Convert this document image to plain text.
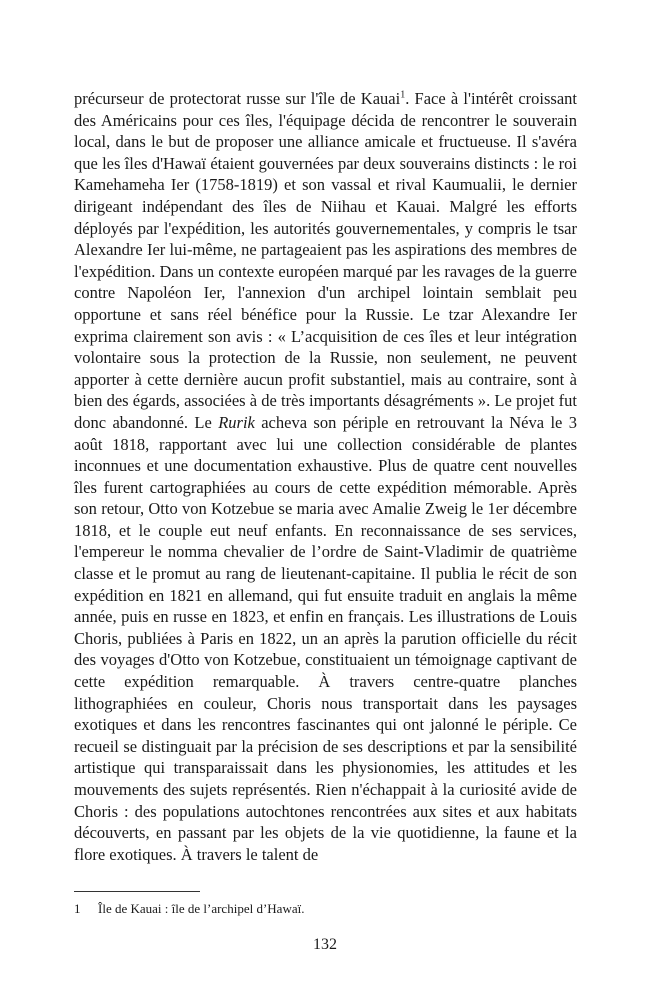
précurseur de protectorat russe sur l'île de Kauai$^1$. Face à l'intérêt croissant des Américains pour ces îles, l'équipage décida de rencontrer le souverain local, dans le but de proposer une alliance amicale et fructueuse. Il s'avéra que les îles d'Hawaï étaient gouvernées par deux souverains distincts : le roi Kamehameha Ier (1758-1819) et son vassal et rival Kaumualii, le dernier dirigeant indépendant des îles de Niihau et Kauai. Malgré les efforts déployés par l'expédition, les autorités gouvernementales, y compris le tsar Alexandre Ier lui-même, ne partageaient pas les aspirations des membres de l'expédition. Dans un contexte européen marqué par les ravages de la guerre contre Napoléon Ier, l'annexion d'un archipel lointain semblait peu opportune et sans réel bénéfice pour la Russie. Le tzar Alexandre Ier exprima clairement son avis : « L’acquisition de ces îles et leur intégration volontaire sous la protection de la Russie, non seulement, ne peuvent apporter à cette dernière aucun profit substantiel, mais au contraire, sont à bien des égards, associées à de très importants désagréments ». Le projet fut donc abandonné. Le Rurik acheva son périple en retrouvant la Néva le 3 août 1818, rapportant avec lui une collection considérable de plantes inconnues et une documentation exhaustive. Plus de quatre cent nouvelles îles furent cartographiées au cours de cette expédition mémorable. Après son retour, Otto von Kotzebue se maria avec Amalie Zweig le 1er décembre 1818, et le couple eut neuf enfants. En reconnaissance de ses services, l'empereur le nomma chevalier de l’ordre de Saint-Vladimir de quatrième classe et le promut au rang de lieutenant-capitaine. Il publia le récit de son expédition en 1821 en allemand, qui fut ensuite traduit en anglais la même année, puis en russe en 1823, et enfin en français. Les illustrations de Louis Choris, publiées à Paris en 1822, un an après la parution officielle du récit des voyages d'Otto von Kotzebue, constituaient un témoignage captivant de cette expédition remarquable. À travers centre-quatre planches lithographiées en couleur, Choris nous transportait dans les paysages exotiques et dans les rencontres fascinantes qui ont jalonné le périple. Ce recueil se distinguait par la précision de ses descriptions et par la sensibilité artistique qui transparaissait dans les physionomies, les attitudes et les mouvements des sujets représentés. Rien n'échappait à la curiosité avide de Choris : des populations autochtones rencontrées aux sites et aux habitats découverts, en passant par les objets de la vie quotidienne, la faune et la flore exotiques. À travers le talent de

1 Île de Kauai : île de l’archipel d’Hawaï.
132
